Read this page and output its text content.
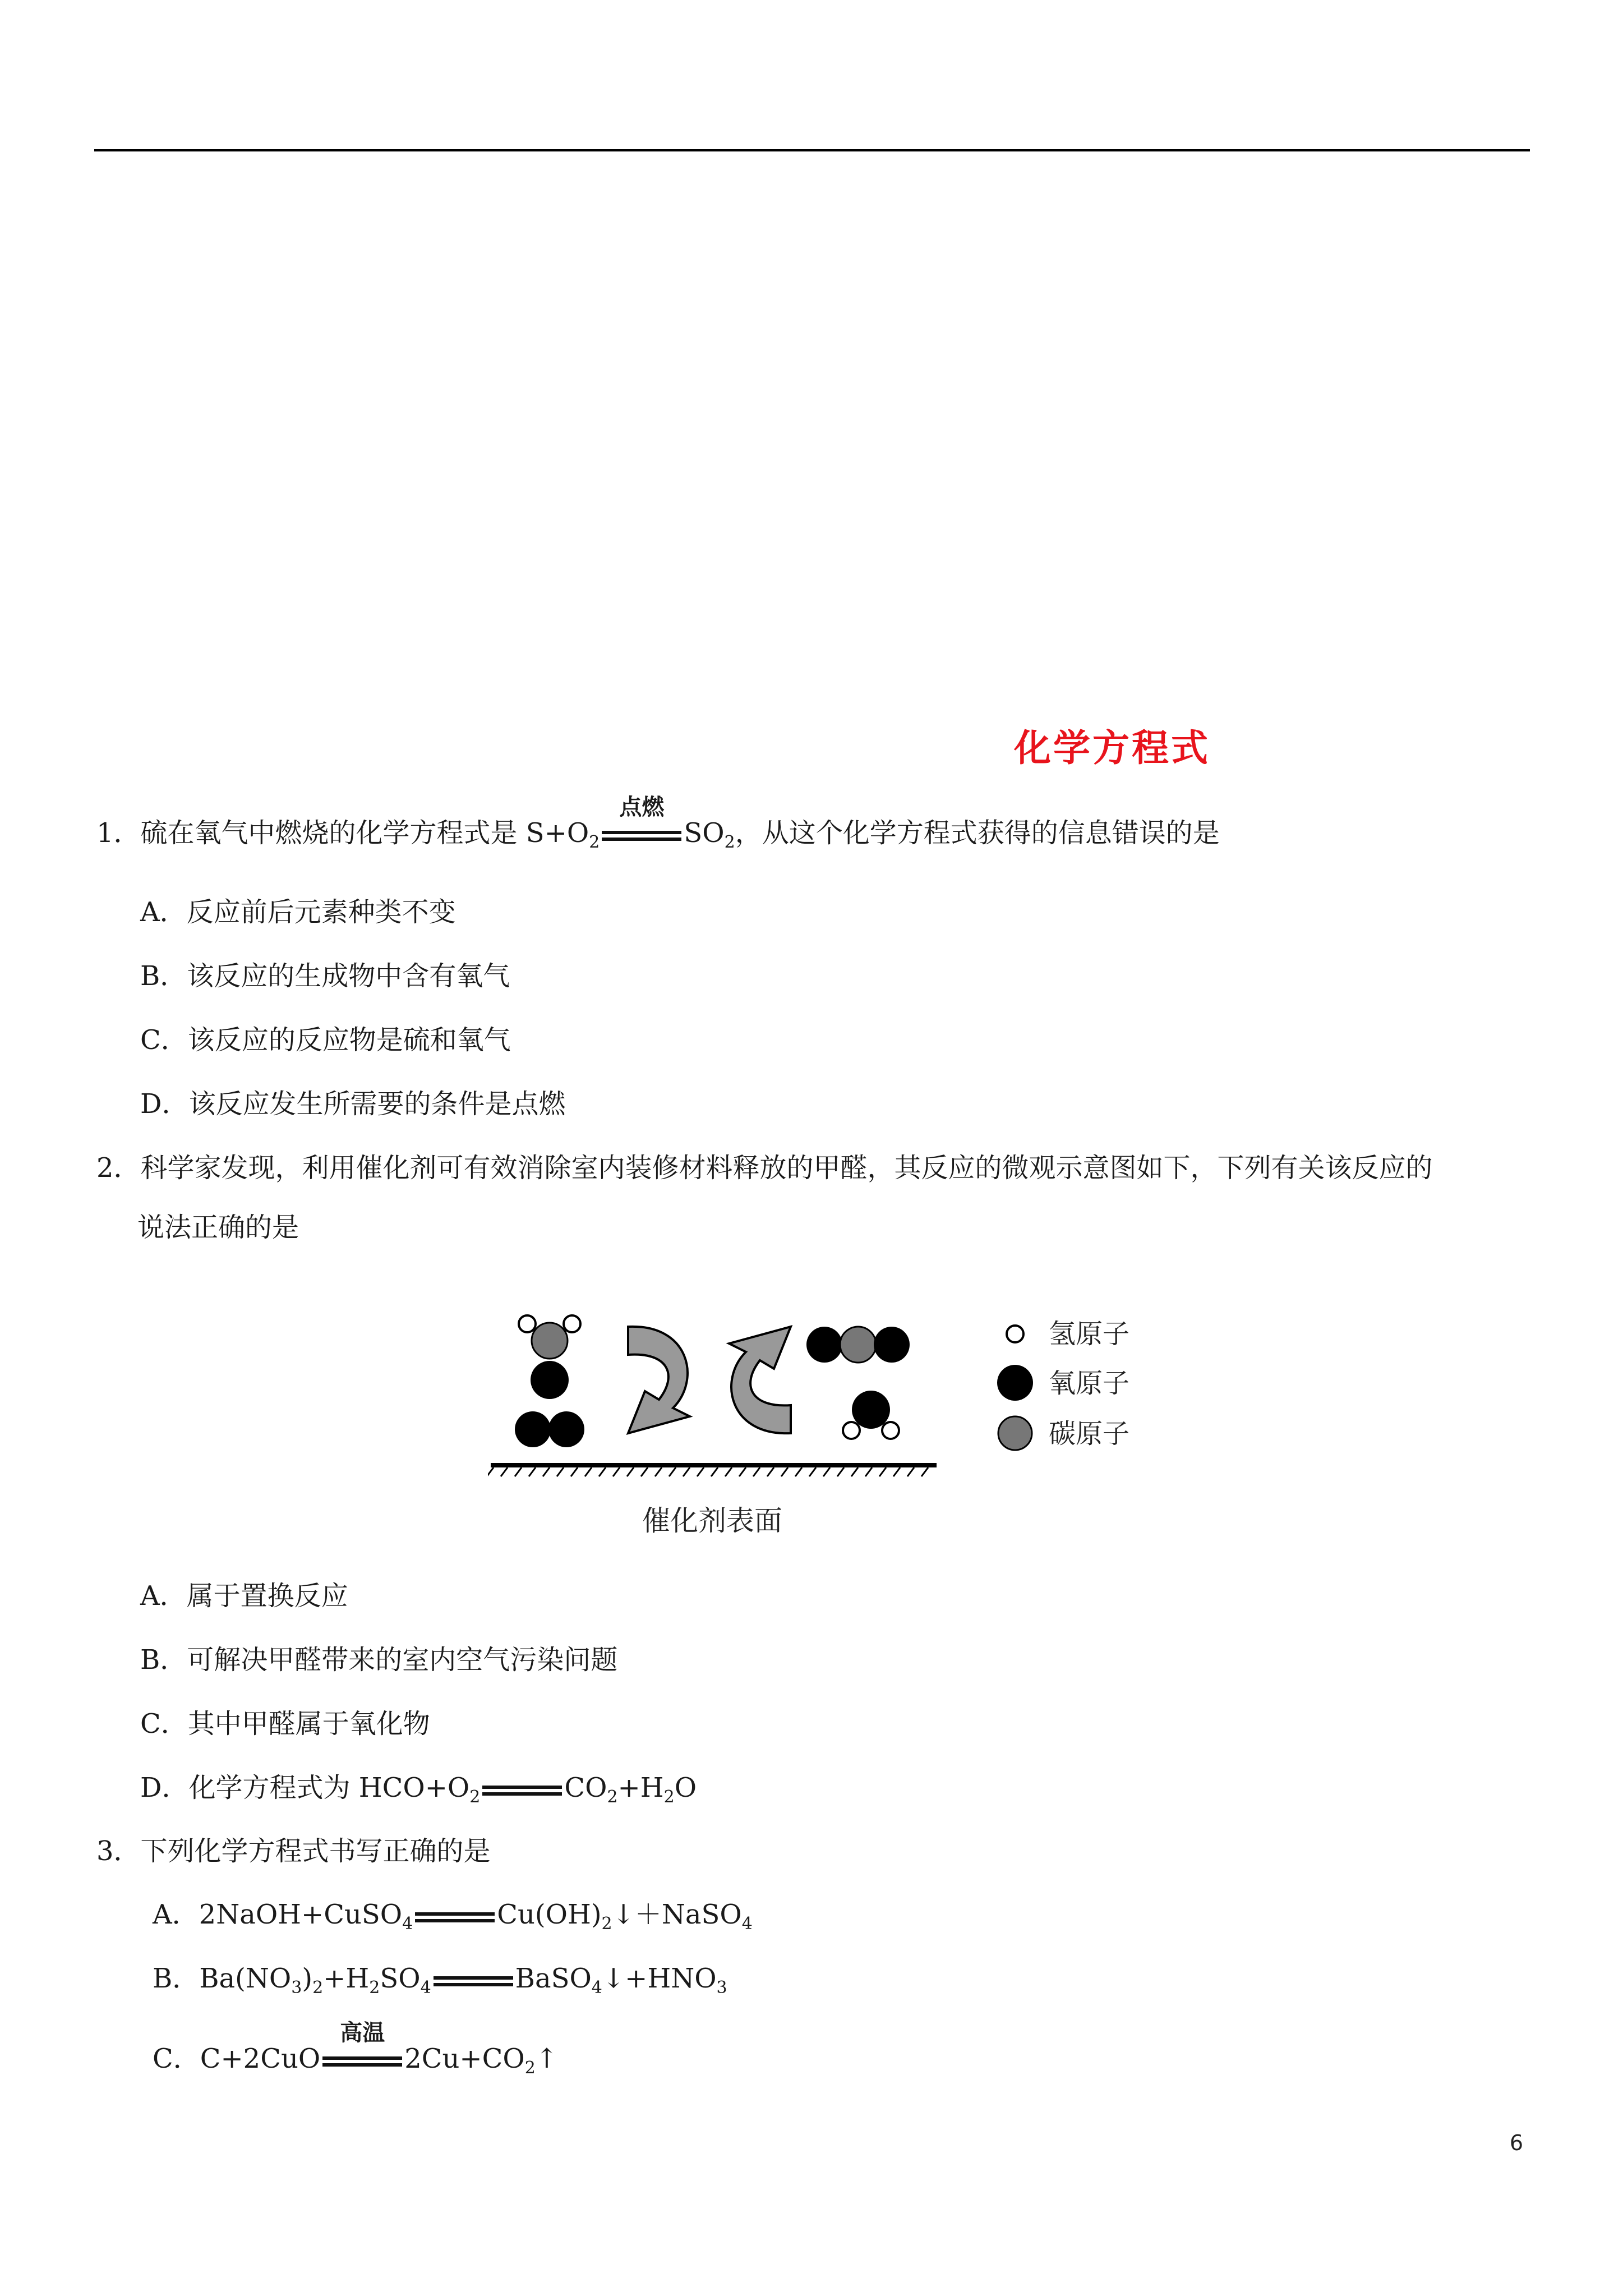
化学方程式
1．硫在氧气中燃烧的化学方程式是 $S+O_2$
点燃
$SO_2$，从这个化学方程式获得的信息错误的是
A．反应前后元素种类不变
B．该反应的生成物中含有氧气
C．该反应的反应物是硫和氧气
D．该反应发生所需要的条件是点燃
2．科学家发现，利用催化剂可有效消除室内装修材料释放的甲醛，其反应的微观示意图如下，下列有关该反应的
说法正确的是
催化剂表面
氢原子
氧原子
碳原子
A．属于置换反应
B．可解决甲醛带来的室内空气污染问题
C．其中甲醛属于氧化物
D．化学方程式为 $HCO+O_2$	$CO_2+H_2O$
3．下列化学方程式书写正确的是
A．2NaOH+CuSO$_4$	$Cu(OH)_2↓+NaSO_4$
B．$Ba(NO_3)_2+H_2SO_4$	$BaSO_4↓+HNO_3$
C．C+2CuO
高温
$2Cu+CO_2↑$
6
